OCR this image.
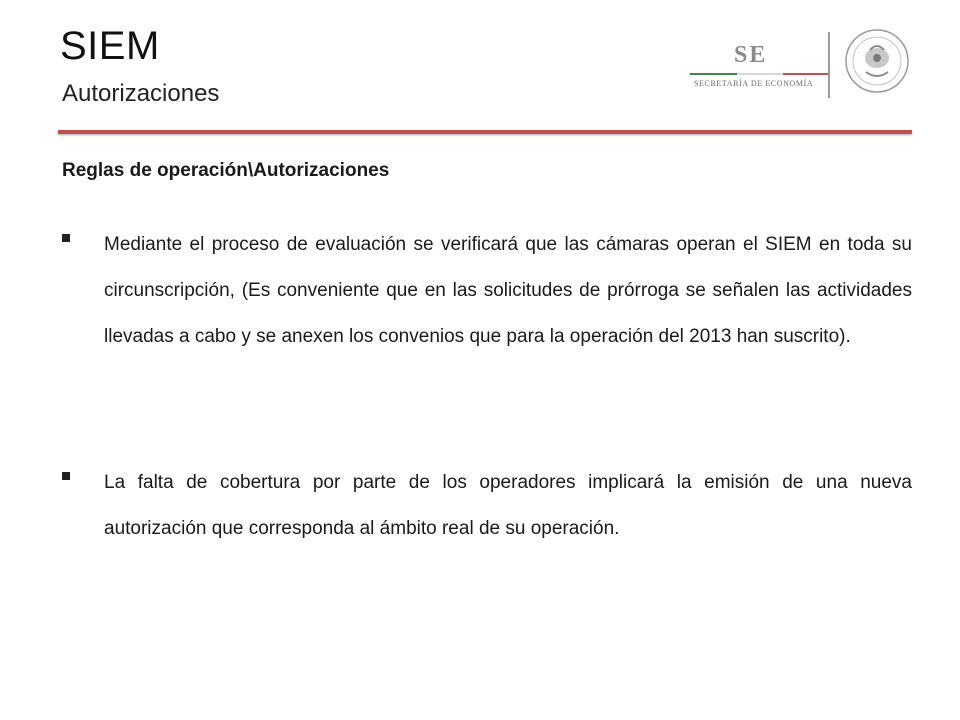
SIEM
Autorizaciones
SE
SECRETARÍA DE ECONOMÍA
Reglas de operación\Autorizaciones
Mediante el proceso de evaluación se verificará que las cámaras operan el SIEM en toda su circunscripción, (Es conveniente que en las solicitudes de prórroga se señalen las actividades llevadas a cabo y se anexen los convenios que para la operación del 2013 han suscrito).
La falta de cobertura por parte de los operadores implicará la emisión de una nueva autorización que corresponda al ámbito real de su operación.
